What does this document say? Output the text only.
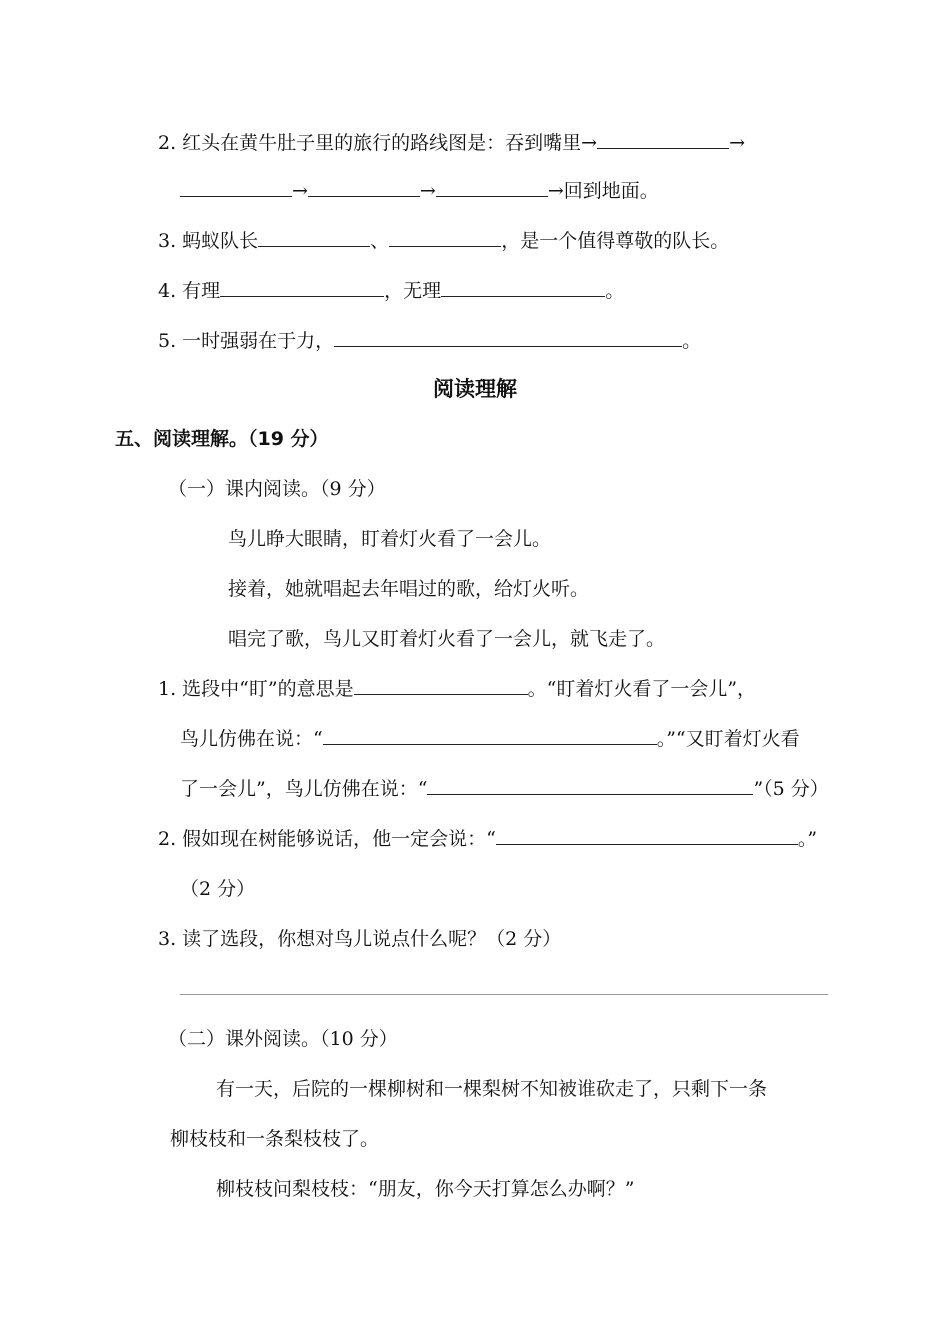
2. 红头在黄牛肚子里的旅行的路线图是：吞到嘴里→	→
→	→	→回到地面。
3. 蚂蚁队长	、	，是一个值得尊敬的队长。
4. 有理	，无理	。
5. 一时强弱在于力，	。
阅读理解
五、阅读理解。（19 分）
（一）课内阅读。（9 分）
鸟儿睁大眼睛，盯着灯火看了一会儿。
接着，她就唱起去年唱过的歌，给灯火听。
唱完了歌，鸟儿又盯着灯火看了一会儿，就飞走了。
1. 选段中“盯”的意思是	。“盯着灯火看了一会儿”，
鸟儿仿佛在说：“	。”“又盯着灯火看
了一会儿”，鸟儿仿佛在说：“	”（5 分）
2. 假如现在树能够说话，他一定会说：“	。”
（2 分）
3. 读了选段，你想对鸟儿说点什么呢？（2 分）
（二）课外阅读。（10 分）
有一天，后院的一棵柳树和一棵梨树不知被谁砍走了，只剩下一条
柳枝枝和一条梨枝枝了。
柳枝枝问梨枝枝：“朋友，你今天打算怎么办啊？”
